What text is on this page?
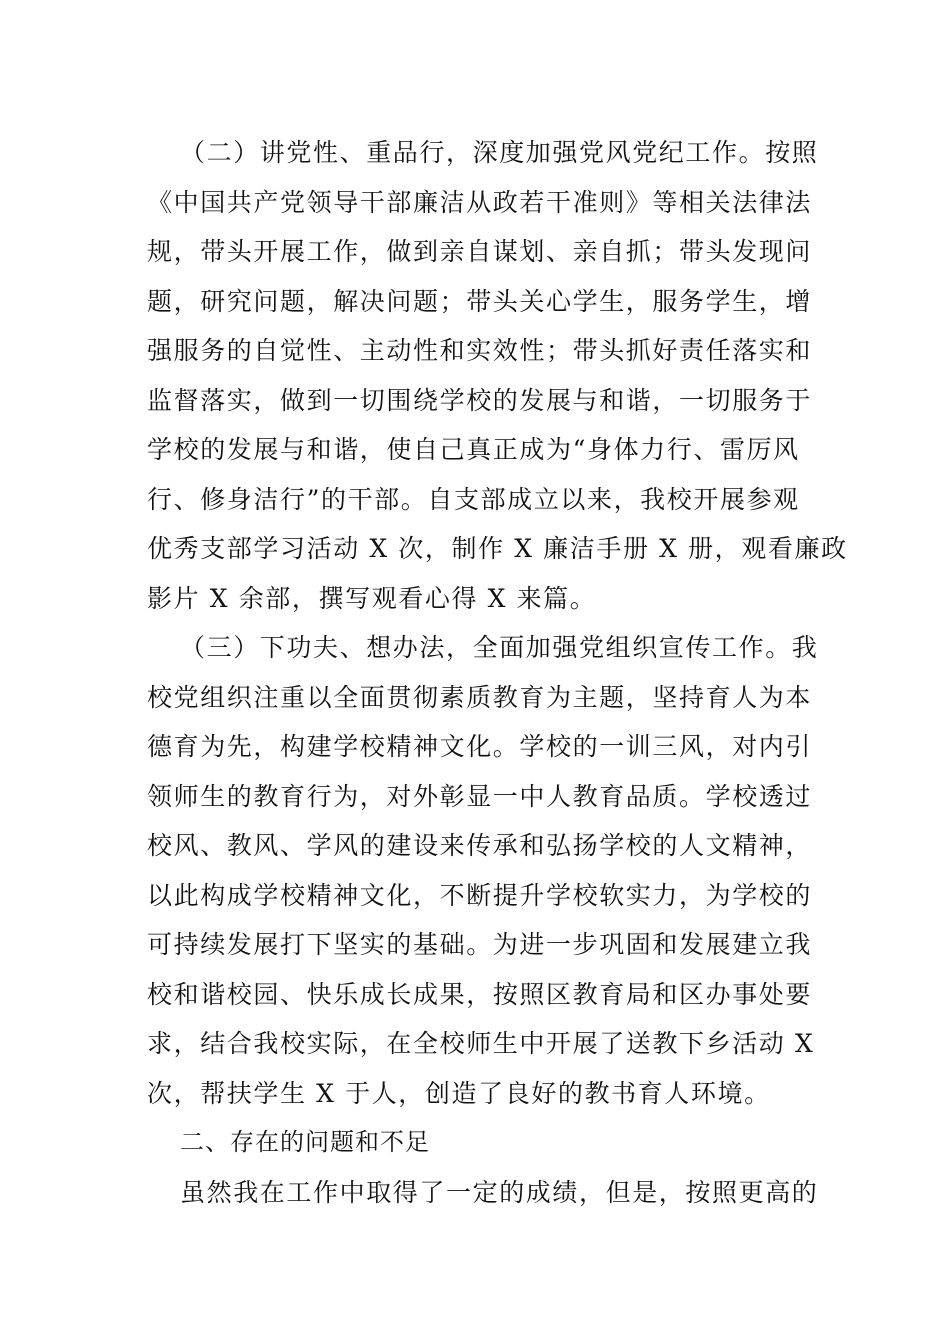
（二）讲党性、重品行，深度加强党风党纪工作。按照
《中国共产党领导干部廉洁从政若干准则》等相关法律法
规，带头开展工作，做到亲自谋划、亲自抓；带头发现问
题，研究问题，解决问题；带头关心学生，服务学生，增
强服务的自觉性、主动性和实效性；带头抓好责任落实和
监督落实，做到一切围绕学校的发展与和谐，一切服务于
学校的发展与和谐，使自己真正成为“身体力行、雷厉风
行、修身洁行”的干部。自支部成立以来，我校开展参观
优秀支部学习活动 X 次，制作 X 廉洁手册 X 册，观看廉政
影片 X 余部，撰写观看心得 X 来篇。
（三）下功夫、想办法，全面加强党组织宣传工作。我
校党组织注重以全面贯彻素质教育为主题，坚持育人为本
德育为先，构建学校精神文化。学校的一训三风，对内引
领师生的教育行为，对外彰显一中人教育品质。学校透过
校风、教风、学风的建设来传承和弘扬学校的人文精神，
以此构成学校精神文化，不断提升学校软实力，为学校的
可持续发展打下坚实的基础。为进一步巩固和发展建立我
校和谐校园、快乐成长成果，按照区教育局和区办事处要
求，结合我校实际，在全校师生中开展了送教下乡活动 X
次，帮扶学生 X 于人，创造了良好的教书育人环境。
二、存在的问题和不足
虽然我在工作中取得了一定的成绩，但是，按照更高的
